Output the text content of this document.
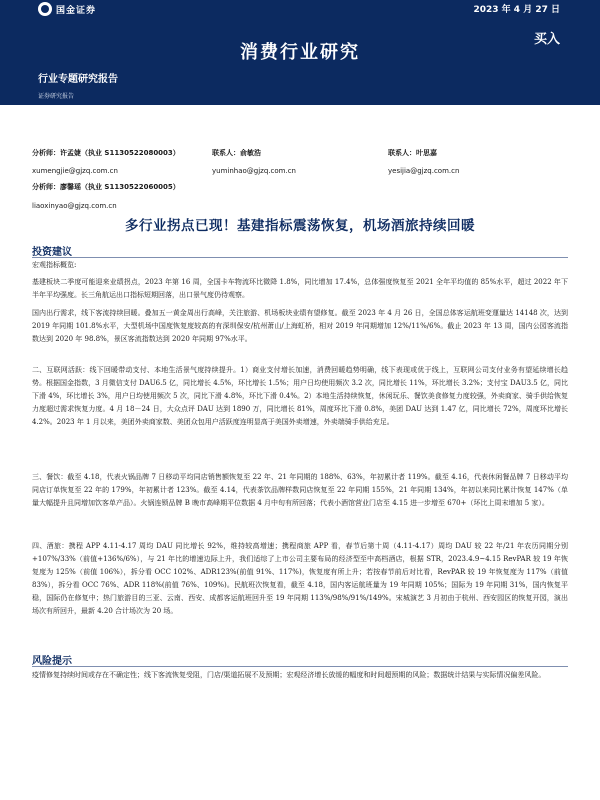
国金证券	2023 年 4 月 27 日
消费行业研究
买入
行业专题研究报告
证券研究报告
分析师：许孟婕（执业 S1130522080003）	联系人：俞敏浩	联系人：叶思嘉
xumengjie@gjzq.com.cn	yuminhao@gjzq.com.cn	yesijia@gjzq.com.cn
分析师：廖馨瑶（执业 S1130522060005）
liaoxinyao@gjzq.com.cn
多行业拐点已现！基建指标震荡恢复，机场酒旅持续回暖
投资建议

宏观指标概览:

基建板块二季度可能迎来业绩拐点，2023 年第 16 周，全国卡车物流环比微降 1.8%，同比增加 17.4%，总体强度恢复至 2021 全年平均值的 85%水平，超过 2022 年下半年平均强度。长三角航运出口指标短期回落，出口景气度仍待观察。

国内出行需求，线下客流持续回暖。叠加五一黄金周出行高峰，关注旅游、机场板块业绩有望修复。截至 2023 年 4 月 26 日，全国总体客运航班变運量达 14148 次，达到 2019 年同期 101.8%水平，大型机场中国度恢复度较高的有深圳保安/杭州萧山/上海虹桥，相对 2019 年同期增加 12%/11%/6%。截止 2023 年 13 周，国内公园客流指数达到 2020 年 98.8%，景区客流指数达到 2020 年同期 97%水平。

二、互联网活跃：线下回暖带动支付、本地生活景气度持续提升。1）商业支付增长加速，消费回暖趋势明确，线下表现或优于线上，互联网公司支付业务有望延续增长趋势。根据国金指数，3 月微信支付 DAU6.5 亿，同比增长 4.5%，环比增长 1.5%；用户日均使用频次 3.2 次，同比增长 11%，环比增长 3.2%；支付宝 DAU3.5 亿，同比下滑 4%，环比增长 3%，用户日均使用频次 5 次，同比下滑 4.8%，环比下滑 0.4%。2）本地生活持续恢复，休闲玩乐、餐饮美食修复力度较强，外卖商家、骑手供给恢复力度超过需求恢复力度。4 月 18－24 日，大众点评 DAU 达到 1890 万，同比增长 81%，周度环比下滑 0.8%，美团 DAU 达到 1.47 亿，同比增长 72%，周度环比增长 4.2%。2023 年 1 月以来，美团外卖商家数、美团众包用户活跃度连明显高于美国外卖增速，外卖端骑手供给充足。

三、餐饮：截至 4.18，代表火锅品牌 7 日移动平均同店销售额恢复至 22 年、21 年同期的 188%、63%，年初累计者 119%。截至 4.16，代表休闲餐品牌 7 日移动平均同店订单恢复至 22 年的 179%，年初累计者 123%。截至 4.14，代表茶饮品牌样数同店恢复至 22 年同期 155%，21 年同期 134%，年初以来同比累计恢复 147%（单量大幅提升且同增加饮客单产品）。火锅连锁品牌 B 晚市高峰期平位数据 4 月中旬有所回落；代表小酒馆营业门店至 4.15 进一步增至 670+（环比上周末增加 5 家）。

四、酒旅：携程 APP 4.11-4.17 周均 DAU 同比增长 92%，维持较高增速；携程商旅 APP 看，春节后第十周（4.11-4.17）周均 DAU 较 22 年/21 年农历同期分别+107%/33%（前值+136%/6%），与 21 年比的增速边际上升，我们适综了上市公司主要布局的经济型至中高档酒店，根据 STR，2023.4.9~4.15 RevPAR 较 19 年恢复度为 125%（前值 106%），拆分看 OCC 102%、ADR123%(前值 91%、117%)，恢复度有所上升；若按春节前后对比看，RevPAR 较 19 年恢复度为 117%（前值 83%），拆分看 OCC 76%、ADR 118%(前值 76%、109%)。民航班次恢复看，截至 4.18，国内客运航班量为 19 年同期 105%；国际为 19 年同期 31%，国内恢复平稳，国际仍在修复中；热门旅游目的三亚、云南、西安、成都客运航班回升至 19 年同期 113%/98%/91%/149%。宋城演艺 3 月初由于杭州、西安园区的恢复开园，演出场次有所回升，最新 4.20 合计场次为 20 场。

风险提示

疫情修复持续时间或存在不确定性；线下客流恢复受阻，门店/渠道拓展不及预期；宏观经济增长放缓的幅度和时间超预期的风险；数据统计结果与实际情况偏差风险。
